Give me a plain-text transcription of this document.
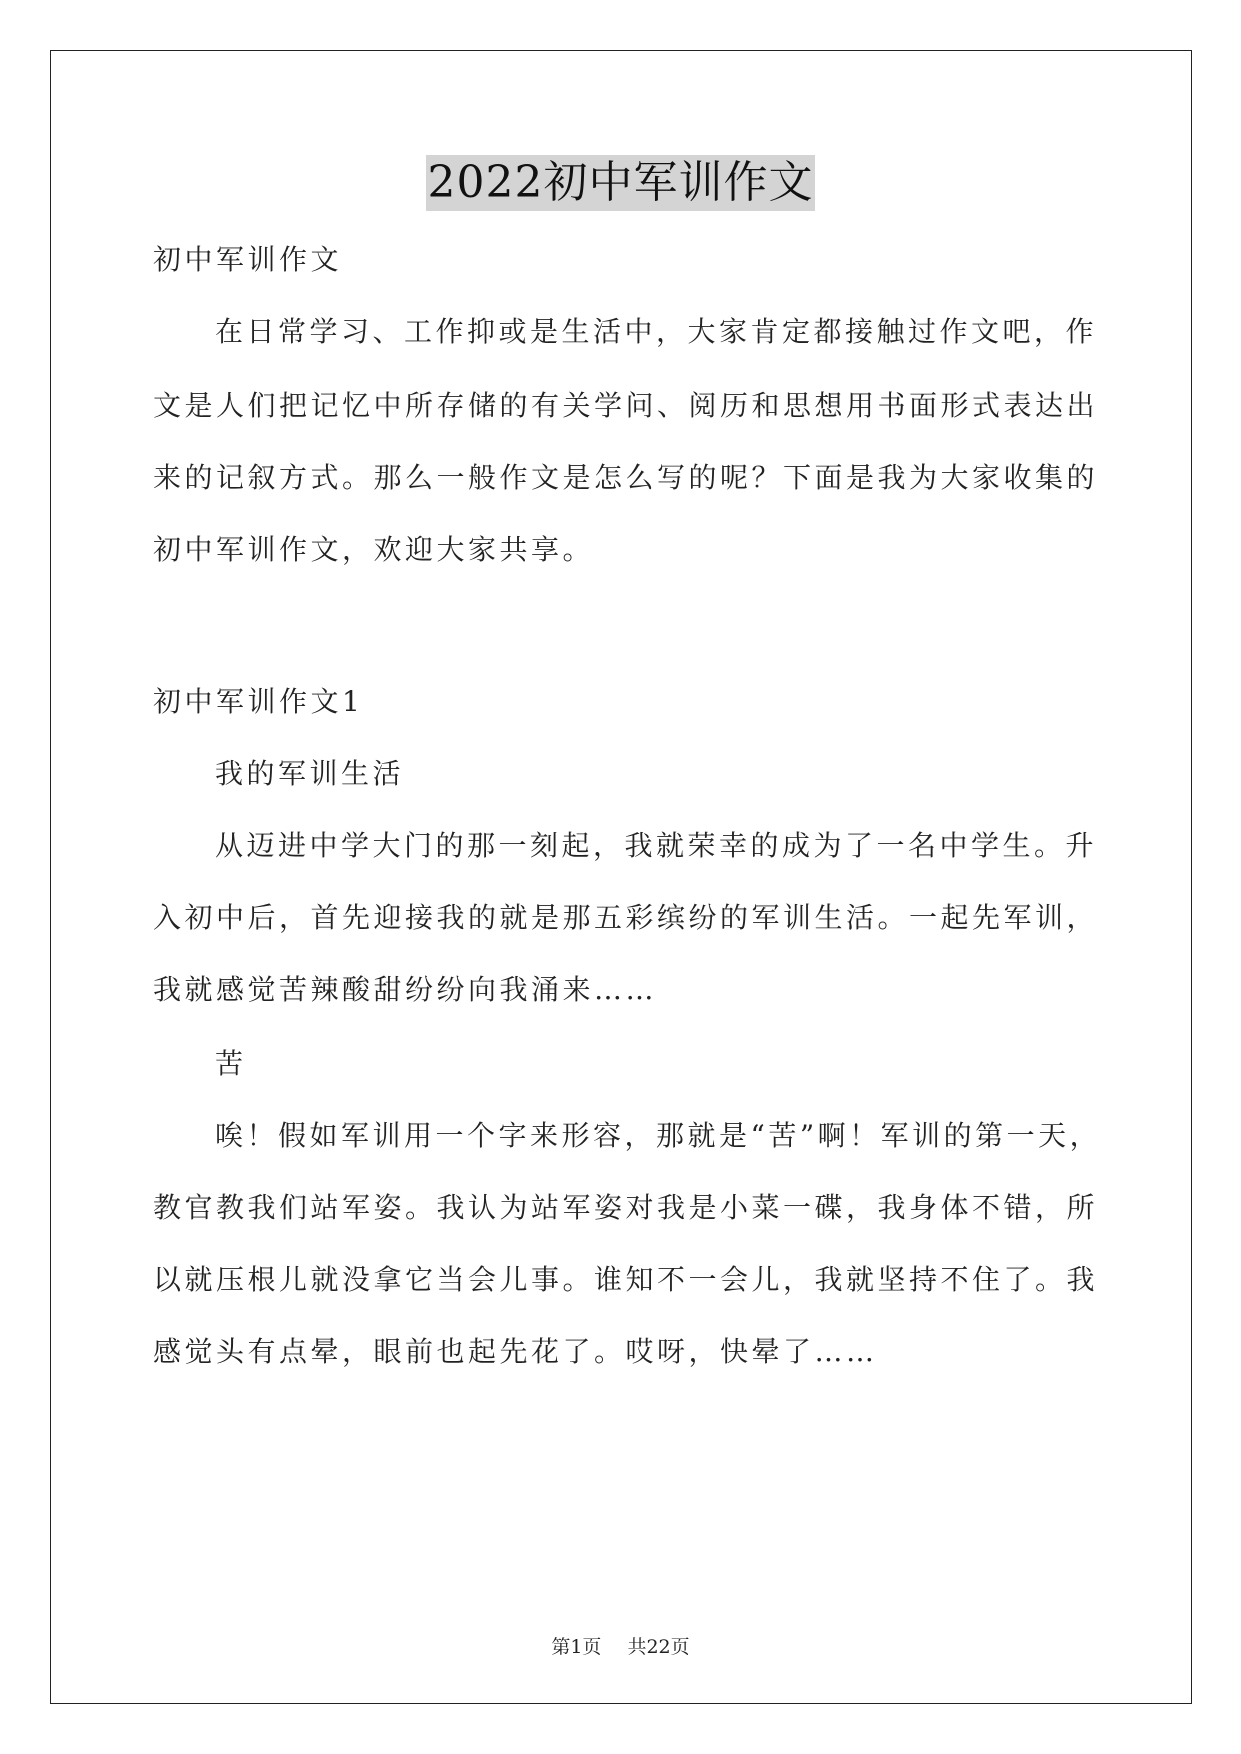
2022初中军训作文
初中军训作文
在日常学习、工作抑或是生活中，大家肯定都接触过作文吧，作
文是人们把记忆中所存储的有关学问、阅历和思想用书面形式表达出
来的记叙方式。那么一般作文是怎么写的呢？下面是我为大家收集的
初中军训作文，欢迎大家共享。
初中军训作文1
我的军训生活
从迈进中学大门的那一刻起，我就荣幸的成为了一名中学生。升
入初中后，首先迎接我的就是那五彩缤纷的军训生活。一起先军训，
我就感觉苦辣酸甜纷纷向我涌来……
苦
唉！假如军训用一个字来形容，那就是“苦”啊！军训的第一天，
教官教我们站军姿。我认为站军姿对我是小菜一碟，我身体不错，所
以就压根儿就没拿它当会儿事。谁知不一会儿，我就坚持不住了。我
感觉头有点晕，眼前也起先花了。哎呀，快晕了……
第1页 共22页
